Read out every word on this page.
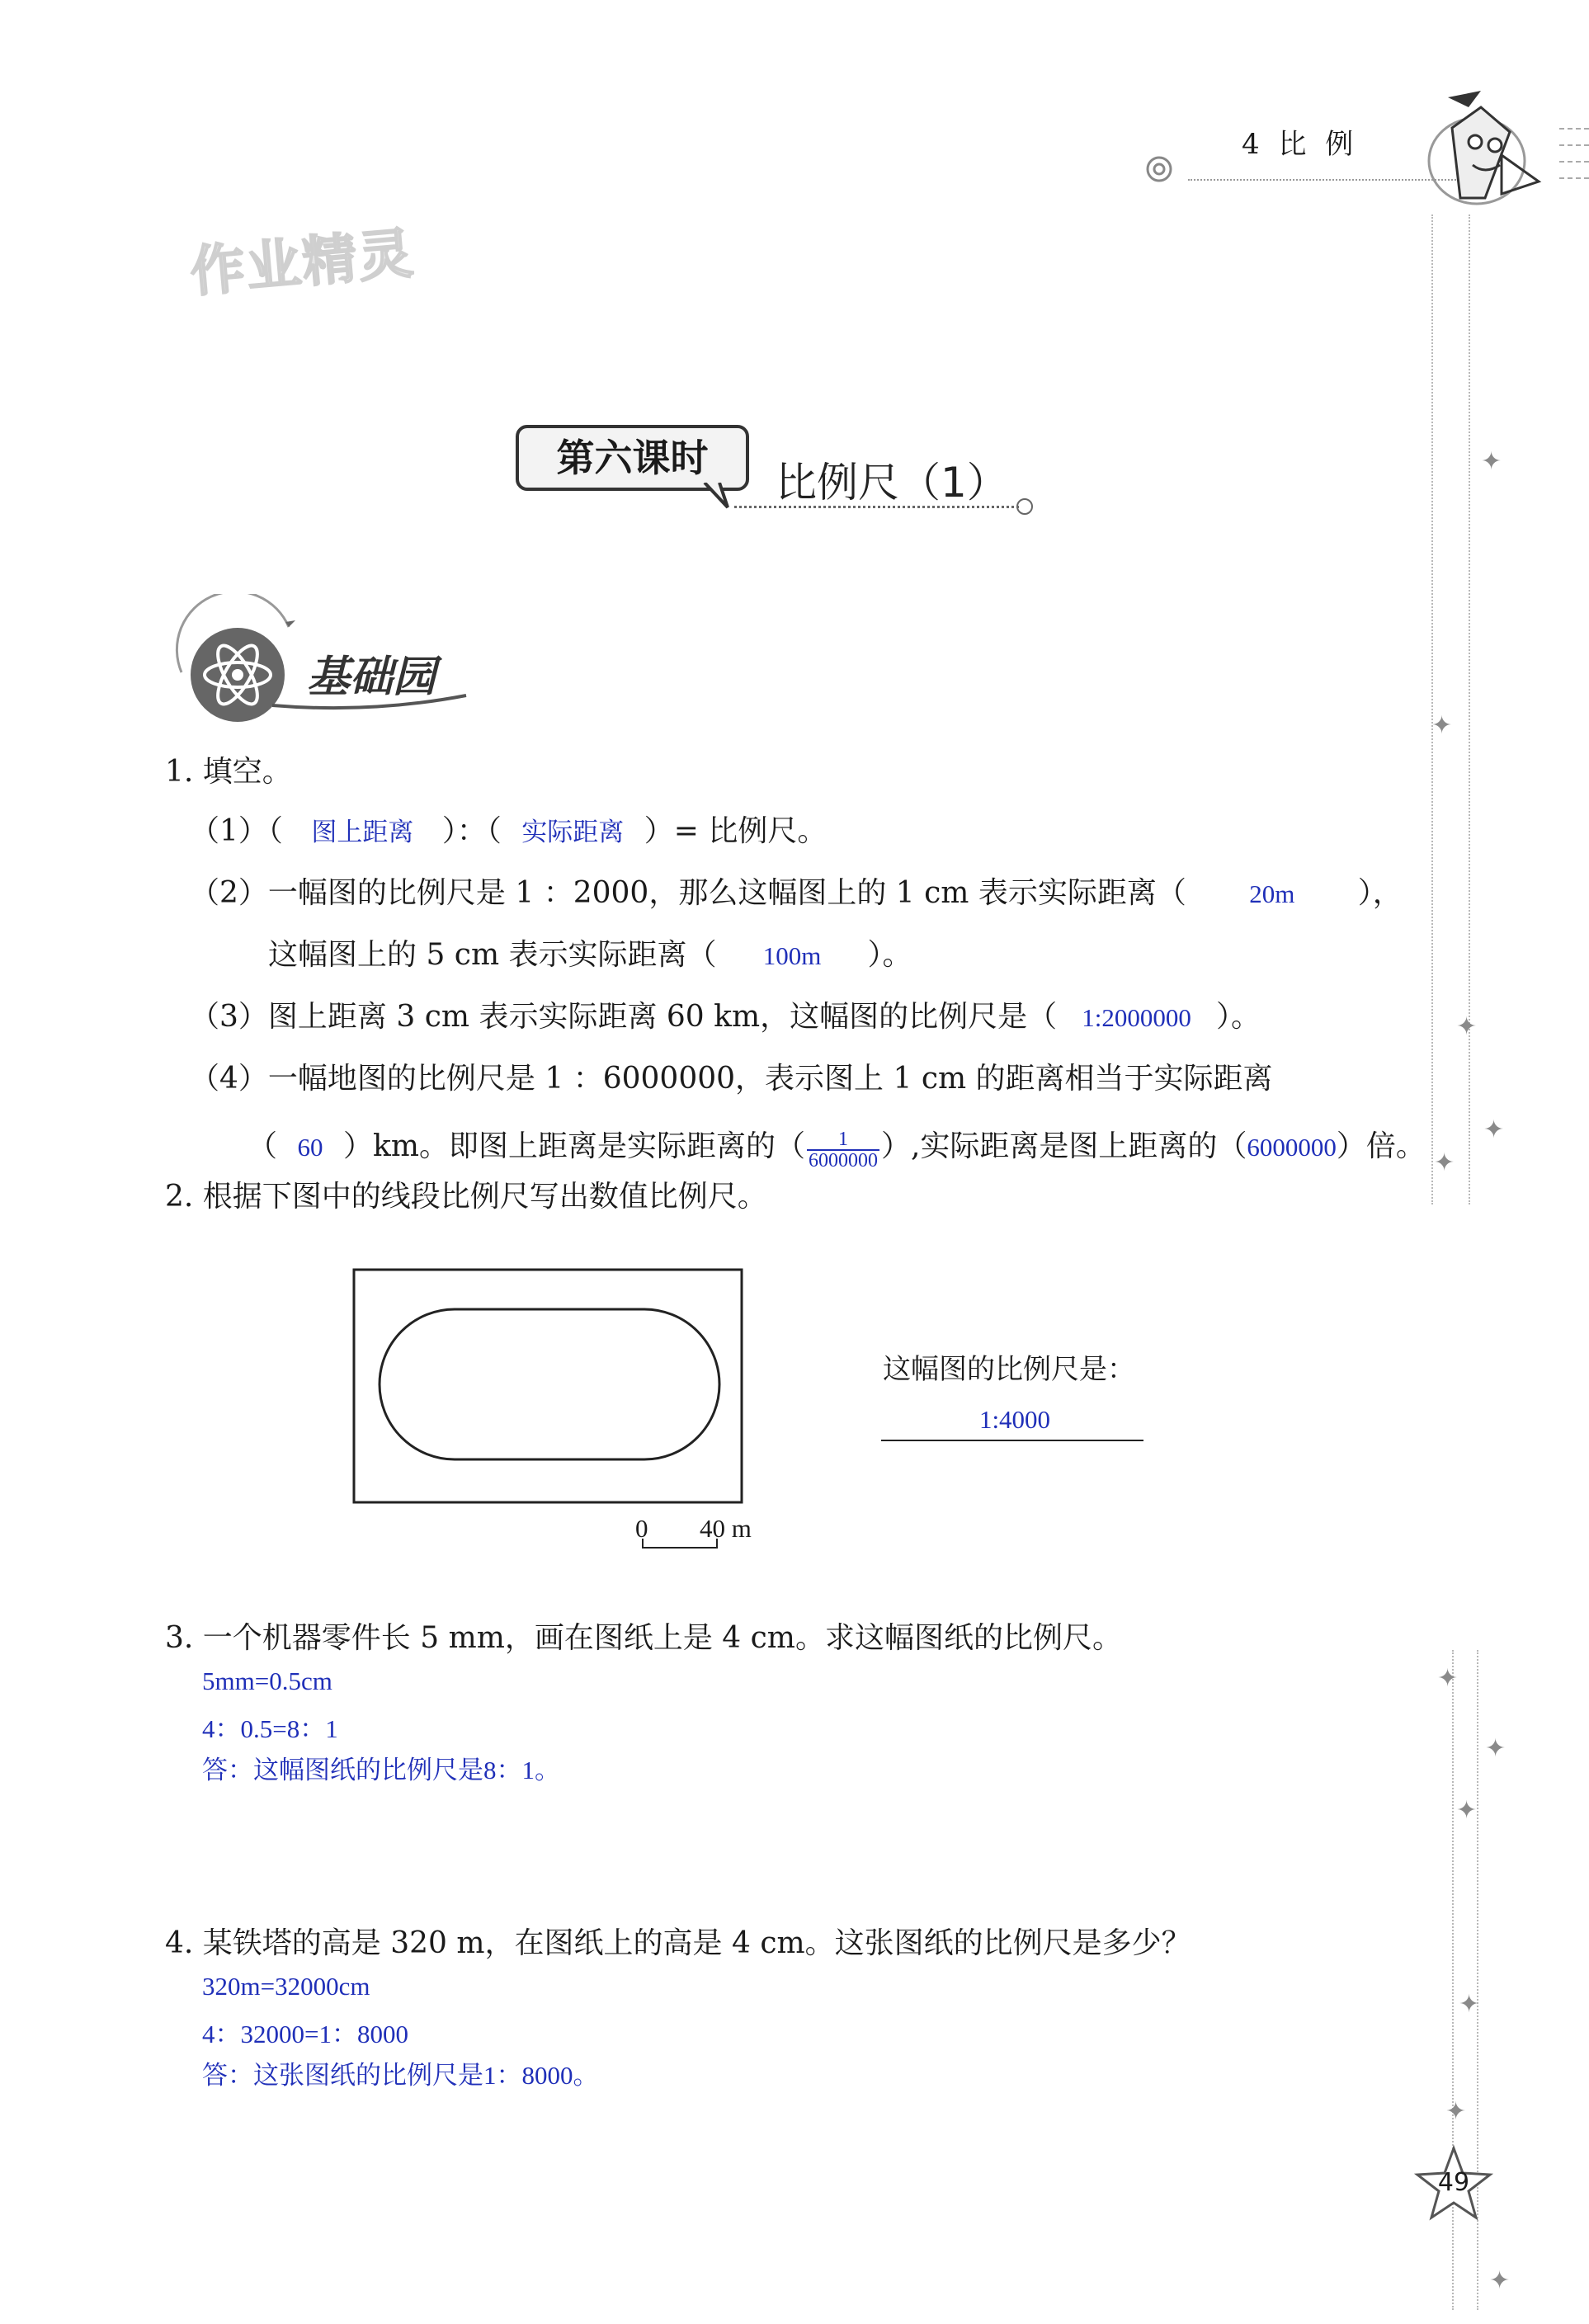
4 比 例
✦
✦
✦
✦
✦
✦
✦
✦
✦
✦
✦
作业精灵
第六课时
比例尺（1）
基础园
1. 填空。
（1）（ 图上距离 ）：（ 实际距离 ）= 比例尺。
（2）一幅图的比例尺是 1 ：2000，那么这幅图上的 1 cm 表示实际距离（ 20m ），
这幅图上的 5 cm 表示实际距离（ 100m ）。
（3）图上距离 3 cm 表示实际距离 60 km，这幅图的比例尺是（ 1:2000000 ）。
（4）一幅地图的比例尺是 1 ：6000000，表示图上 1 cm 的距离相当于实际距离
（ 60 ）km。即图上距离是实际距离的（ 1
6000000 ）,实际距离是图上距离的（ 6000000 ）倍。
2. 根据下图中的线段比例尺写出数值比例尺。
0 40 m
这幅图的比例尺是：
1:4000
3. 一个机器零件长 5 mm，画在图纸上是 4 cm。求这幅图纸的比例尺。
5mm=0.5cm
4：0.5=8：1
答：这幅图纸的比例尺是8：1。
4. 某铁塔的高是 320 m，在图纸上的高是 4 cm。这张图纸的比例尺是多少？
320m=32000cm
4：32000=1：8000
答：这张图纸的比例尺是1：8000。
49
